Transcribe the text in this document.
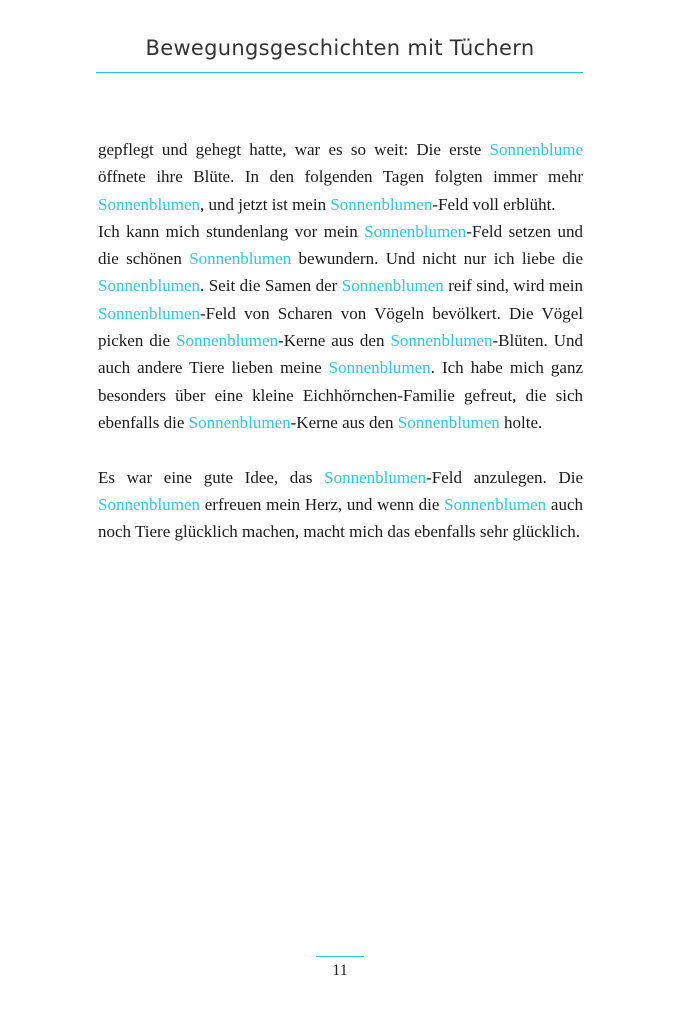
Bewegungsgeschichten mit Tüchern

gepflegt und gehegt hatte, war es so weit: Die erste Sonnenblume öffnete ihre Blüte. In den folgenden Tagen folgten immer mehr Sonnenblumen, und jetzt ist mein Sonnenblumen-Feld voll erblüht.

Ich kann mich stundenlang vor mein Sonnenblumen-Feld setzen und die schönen Sonnenblumen bewundern. Und nicht nur ich liebe die Sonnenblumen. Seit die Samen der Sonnenblumen reif sind, wird mein Sonnenblumen-Feld von Scharen von Vögeln bevölkert. Die Vögel picken die Sonnenblumen-Kerne aus den Sonnenblumen-Blüten. Und auch andere Tiere lieben meine Sonnenblumen. Ich habe mich ganz besonders über eine kleine Eichhörnchen-Familie gefreut, die sich ebenfalls die Sonnenblumen-Kerne aus den Sonnenblumen holte.

Es war eine gute Idee, das Sonnenblumen-Feld anzulegen. Die Sonnenblumen erfreuen mein Herz, und wenn die Sonnenblumen auch noch Tiere glücklich machen, macht mich das ebenfalls sehr glücklich.

11
